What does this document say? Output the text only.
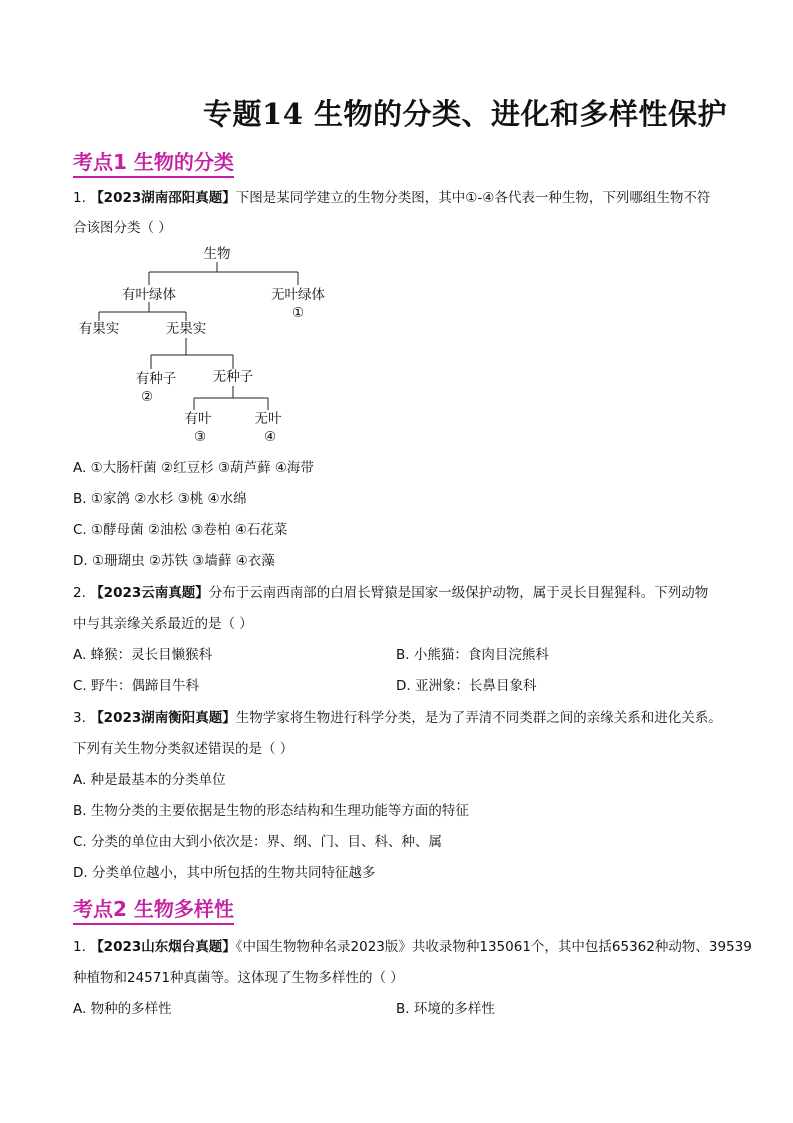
专题14 生物的分类、进化和多样性保护
考点1 生物的分类
1. 【2023湖南邵阳真题】下图是某同学建立的生物分类图，其中①-④各代表一种生物，下列哪组生物不符
合该图分类（ ）
生物
有叶绿体	无叶绿体
①
有果实	无果实
有种子
②
无种子
有叶
③
无叶
④
A. ①大肠杆菌 ②红豆杉 ③葫芦藓 ④海带
B. ①家鸽 ②水杉 ③桃 ④水绵
C. ①酵母菌 ②油松 ③卷柏 ④石花菜
D. ①珊瑚虫 ②苏铁 ③墙藓 ④衣藻
2. 【2023云南真题】分布于云南西南部的白眉长臂猿是国家一级保护动物，属于灵长目猩猩科。下列动物
中与其亲缘关系最近的是（ ）
A. 蜂猴：灵长目懒猴科	B. 小熊猫：食肉目浣熊科
C. 野牛：偶蹄目牛科	D. 亚洲象：长鼻目象科
3. 【2023湖南衡阳真题】生物学家将生物进行科学分类，是为了弄清不同类群之间的亲缘关系和进化关系。
下列有关生物分类叙述错误的是（ ）
A. 种是最基本的分类单位
B. 生物分类的主要依据是生物的形态结构和生理功能等方面的特征
C. 分类的单位由大到小依次是：界、纲、门、目、科、种、属
D. 分类单位越小，其中所包括的生物共同特征越多
考点2 生物多样性
1. 【2023山东烟台真题】《中国生物物种名录2023版》共收录物种135061个，其中包括65362种动物、39539
种植物和24571种真菌等。这体现了生物多样性的（ ）
A. 物种的多样性	B. 环境的多样性
